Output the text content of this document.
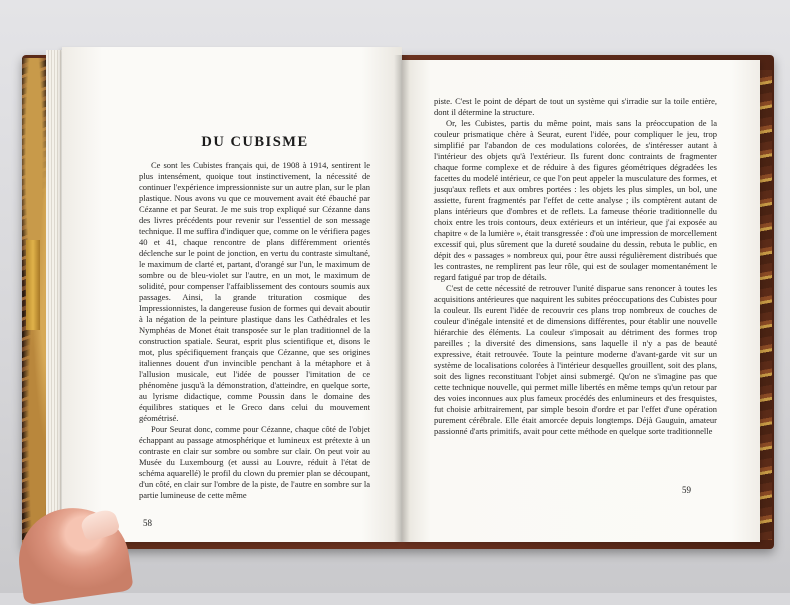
DU CUBISME

Ce sont les Cubistes français qui, de 1908 à 1914, sentirent le plus intensément, quoique tout instinctivement, la nécessité de continuer l'expérience impressionniste sur un autre plan, sur le plan plastique. Nous avons vu que ce mouvement avait été ébauché par Cézanne et par Seurat. Je me suis trop expliqué sur Cézanne dans des livres précédents pour revenir sur l'essentiel de son message technique. Il me suffira d'indiquer que, comme on le vérifiera pages 40 et 41, chaque rencontre de plans différemment orientés déclenche sur le point de jonction, en vertu du contraste simultané, le maximum de clarté et, partant, d'orangé sur l'un, le maximum de sombre ou de bleu-violet sur l'autre, en un mot, le maximum de solidité, pour compenser l'affaiblissement des contours soumis aux passages. Ainsi, la grande trituration cosmique des Impressionnistes, la dangereuse fusion de formes qui devait aboutir à la négation de la peinture plastique dans les Cathédrales et les Nymphéas de Monet était transposée sur le plan traditionnel de la construction spatiale. Seurat, esprit plus scientifique et, disons le mot, plus spécifiquement français que Cézanne, que ses origines italiennes douent d'un invincible penchant à la métaphore et à l'allusion musicale, eut l'idée de pousser l'imitation de ce phénomène jusqu'à la démonstration, d'atteindre, en quelque sorte, au lyrisme didactique, comme Poussin dans le domaine des équilibres statiques et le Greco dans celui du mouvement géométrisé.

Pour Seurat donc, comme pour Cézanne, chaque côté de l'objet échappant au passage atmosphérique et lumineux est prétexte à un contraste en clair sur sombre ou sombre sur clair. On peut voir au Musée du Luxembourg (et aussi au Louvre, réduit à l'état de schéma aquarellé) le profil du clown du premier plan se découpant, d'un côté, en clair sur l'ombre de la piste, de l'autre en sombre sur la partie lumineuse de cette même

piste. C'est le point de départ de tout un système qui s'irradie sur la toile entière, dont il détermine la structure.

Or, les Cubistes, partis du même point, mais sans la préoccupation de la couleur prismatique chère à Seurat, eurent l'idée, pour compliquer le jeu, trop simplifié par l'abandon de ces modulations colorées, de s'intéresser autant à l'intérieur des objets qu'à l'extérieur. Ils furent donc contraints de fragmenter chaque forme complexe et de réduire à des figures géométriques dégradées les facettes du modelé intérieur, ce que l'on peut appeler la musculature des formes, et jusqu'aux reflets et aux ombres portées : les objets les plus simples, un bol, une assiette, furent fragmentés par l'effet de cette analyse ; ils comptèrent autant de plans intérieurs que d'ombres et de reflets. La fameuse théorie traditionnelle du choix entre les trois contours, deux extérieurs et un intérieur, que j'ai exposée au chapitre « de la lumière », était transgressée : d'où une impression de morcellement excessif qui, plus sûrement que la dureté soudaine du dessin, rebuta le public, en dépit des « passages » nombreux qui, pour être aussi régulièrement distribués que les contrastes, ne remplirent pas leur rôle, qui est de soulager momentanément le regard fatigué par trop de détails.

C'est de cette nécessité de retrouver l'unité disparue sans renoncer à toutes les acquisitions antérieures que naquirent les subites préoccupations des Cubistes pour la couleur. Ils eurent l'idée de recouvrir ces plans trop nombreux de couches de couleur d'inégale intensité et de dimensions différentes, pour établir une nouvelle hiérarchie des éléments. La couleur s'imposait au détriment des formes trop pareilles ; la diversité des dimensions, sans laquelle il n'y a pas de beauté expressive, était retrouvée. Toute la peinture moderne d'avant-garde vit sur un système de localisations colorées à l'intérieur desquelles grouillent, soit des plans, soit des lignes reconstituant l'objet ainsi submergé. Qu'on ne s'imagine pas que cette technique nouvelle, qui permet mille libertés en même temps qu'un retour par des voies inconnues aux plus fameux procédés des enlumineurs et des fresquistes, fut choisie arbitrairement, par simple besoin d'ordre et par l'effet d'une opération purement cérébrale. Elle était amorcée depuis longtemps. Déjà Gauguin, amateur passionné d'arts primitifs, avait pour cette méthode en quelque sorte traditionnelle

58
59
